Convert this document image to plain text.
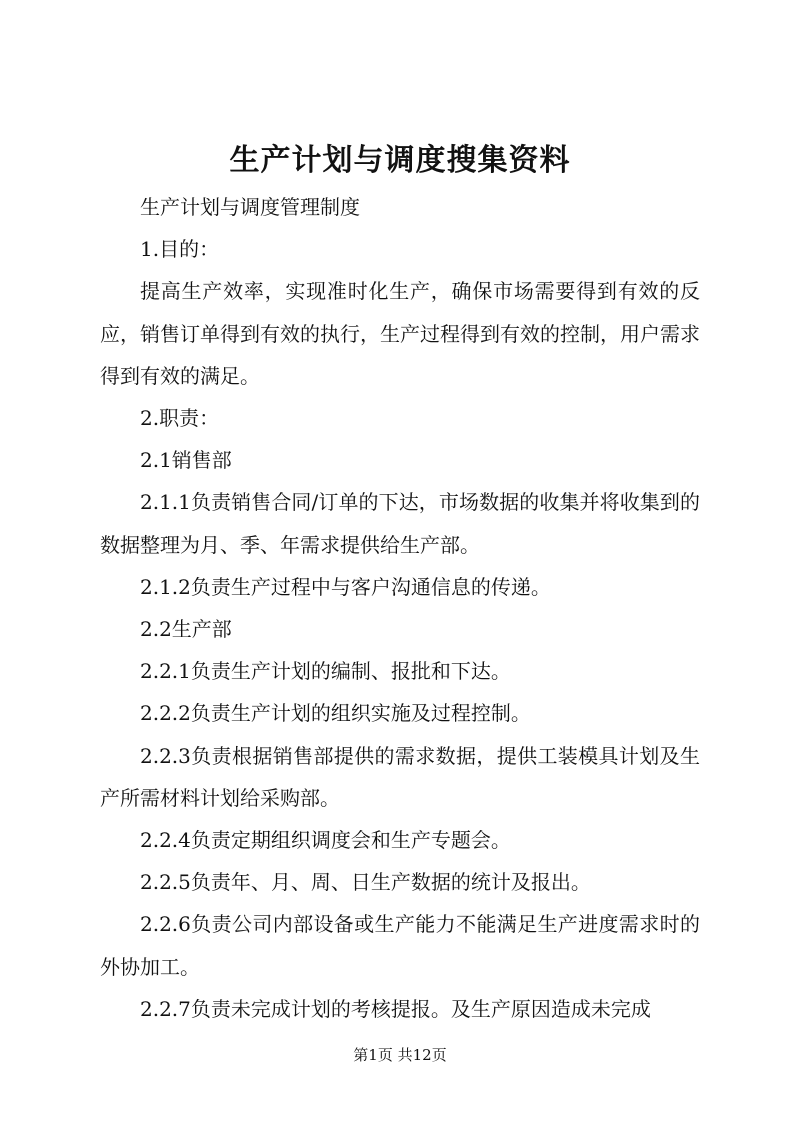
生产计划与调度搜集资料

生产计划与调度管理制度

1.目的：

提高生产效率，实现准时化生产，确保市场需要得到有效的反应，销售订单得到有效的执行，生产过程得到有效的控制，用户需求得到有效的满足。

2.职责：

2.1销售部

2.1.1负责销售合同/订单的下达，市场数据的收集并将收集到的数据整理为月、季、年需求提供给生产部。

2.1.2负责生产过程中与客户沟通信息的传递。

2.2生产部

2.2.1负责生产计划的编制、报批和下达。

2.2.2负责生产计划的组织实施及过程控制。

2.2.3负责根据销售部提供的需求数据，提供工装模具计划及生产所需材料计划给采购部。

2.2.4负责定期组织调度会和生产专题会。

2.2.5负责年、月、周、日生产数据的统计及报出。

2.2.6负责公司内部设备或生产能力不能满足生产进度需求时的外协加工。

2.2.7负责未完成计划的考核提报。及生产原因造成未完成

第1页 共12页
